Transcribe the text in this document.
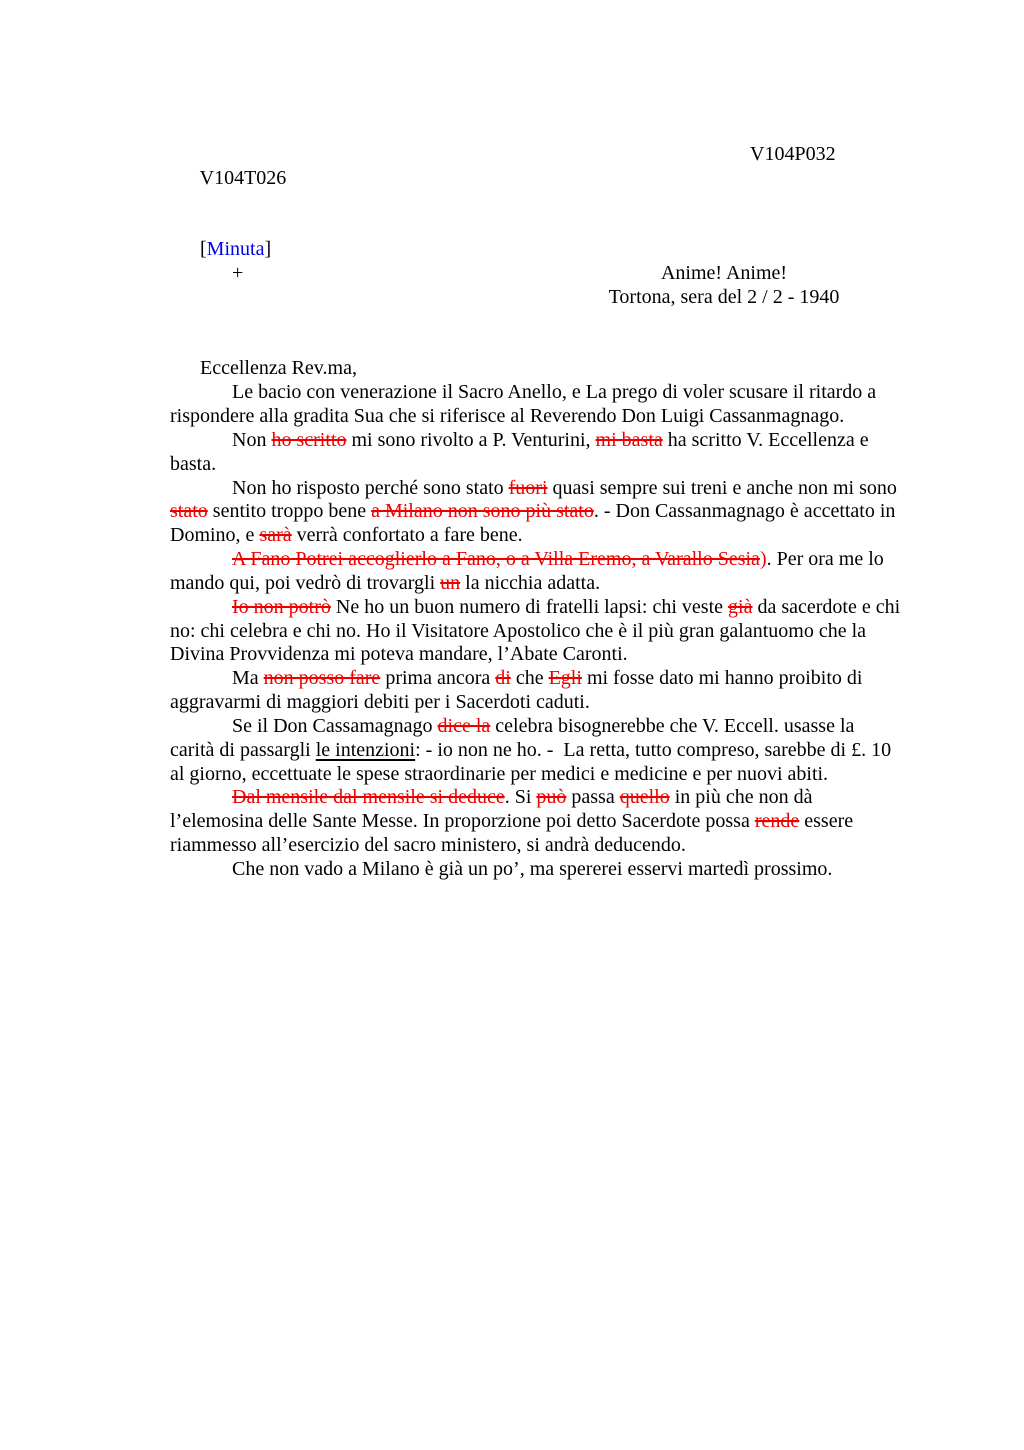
V104T026

V104P032

[Minuta]

+

	Anime! Anime!

Tortona, sera del 2 / 2 - 1940

Eccellenza Rev.ma,

Le bacio con venerazione il Sacro Anello, e La prego di voler scusare il ritardo a
rispondere alla gradita Sua che si riferisce al Reverendo Don Luigi Cassanmagnago.
Non ho scritto mi sono rivolto a P. Venturini, mi basta ha scritto V. Eccellenza e
basta.
Non ho risposto perché sono stato fuori quasi sempre sui treni e anche non mi sono
stato sentito troppo bene a Milano non sono più stato. - Don Cassanmagnago è accettato in
Domino, e sarà verrà confortato a fare bene.
A Fano Potrei accoglierlo a Fano, o a Villa Eremo, a Varallo Sesia). Per ora me lo
mando qui, poi vedrò di trovargli un la nicchia adatta.
Io non potrò Ne ho un buon numero di fratelli lapsi: chi veste già da sacerdote e chi
no: chi celebra e chi no. Ho il Visitatore Apostolico che è il più gran galantuomo che la
Divina Provvidenza mi poteva mandare, l’Abate Caronti.
Ma non posso fare prima ancora di che Egli mi fosse dato mi hanno proibito di
aggravarmi di maggiori debiti per i Sacerdoti caduti.
Se il Don Cassamagnago dice la celebra bisognerebbe che V. Eccell. usasse la
carità di passargli le intenzioni: - io non ne ho. -  La retta, tutto compreso, sarebbe di £. 10
al giorno, eccettuate le spese straordinarie per medici e medicine e per nuovi abiti.
Dal mensile dal mensile si deduce. Si può passa quello in più che non dà
l’elemosina delle Sante Messe. In proporzione poi detto Sacerdote possa rende essere
riammesso all’esercizio del sacro ministero, si andrà deducendo.
Che non vado a Milano è già un po’, ma spererei esservi martedì prossimo.
